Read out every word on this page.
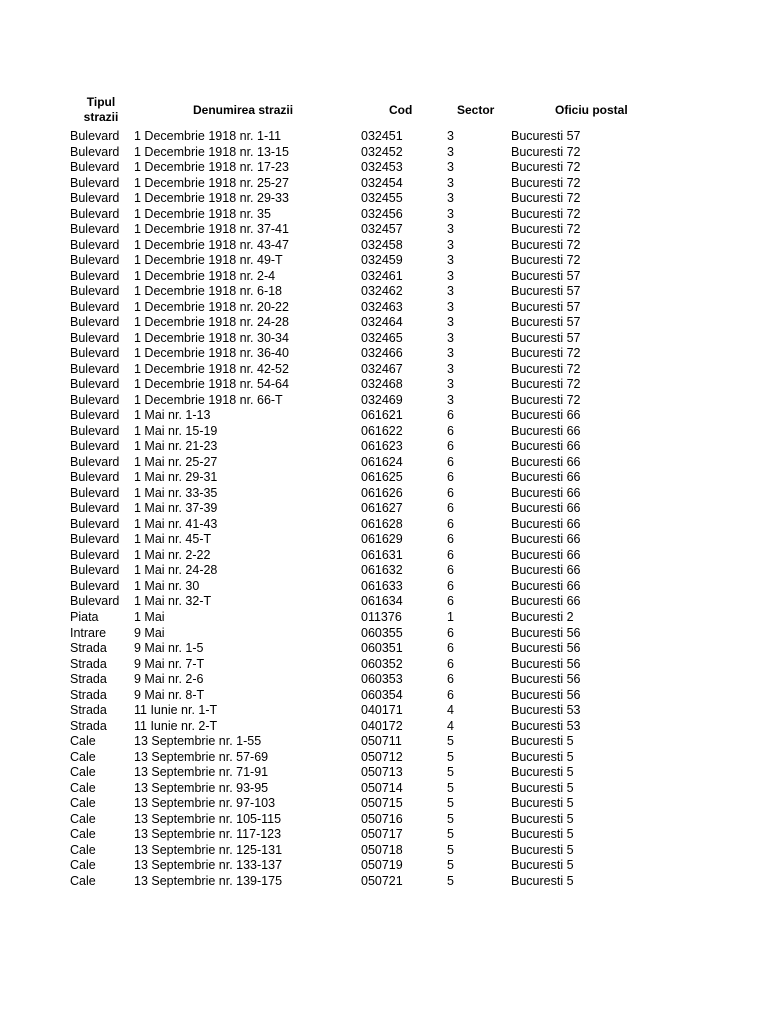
Tipul
strazii	Denumirea strazii	Cod	Sector	Oficiu postal
Bulevard 1 Decembrie 1918 nr. 1-11	032451	3	Bucuresti 57
Bulevard 1 Decembrie 1918 nr. 13-15	032452	3	Bucuresti 72
Bulevard 1 Decembrie 1918 nr. 17-23	032453	3	Bucuresti 72
Bulevard 1 Decembrie 1918 nr. 25-27	032454	3	Bucuresti 72
Bulevard 1 Decembrie 1918 nr. 29-33	032455	3	Bucuresti 72
Bulevard 1 Decembrie 1918 nr. 35	032456	3	Bucuresti 72
Bulevard 1 Decembrie 1918 nr. 37-41	032457	3	Bucuresti 72
Bulevard 1 Decembrie 1918 nr. 43-47	032458	3	Bucuresti 72
Bulevard 1 Decembrie 1918 nr. 49-T	032459	3	Bucuresti 72
Bulevard 1 Decembrie 1918 nr. 2-4	032461	3	Bucuresti 57
Bulevard 1 Decembrie 1918 nr. 6-18	032462	3	Bucuresti 57
Bulevard 1 Decembrie 1918 nr. 20-22	032463	3	Bucuresti 57
Bulevard 1 Decembrie 1918 nr. 24-28	032464	3	Bucuresti 57
Bulevard 1 Decembrie 1918 nr. 30-34	032465	3	Bucuresti 57
Bulevard 1 Decembrie 1918 nr. 36-40	032466	3	Bucuresti 72
Bulevard 1 Decembrie 1918 nr. 42-52	032467	3	Bucuresti 72
Bulevard 1 Decembrie 1918 nr. 54-64	032468	3	Bucuresti 72
Bulevard 1 Decembrie 1918 nr. 66-T	032469	3	Bucuresti 72
Bulevard 1 Mai nr. 1-13	061621	6	Bucuresti 66
Bulevard 1 Mai nr. 15-19	061622	6	Bucuresti 66
Bulevard 1 Mai nr. 21-23	061623	6	Bucuresti 66
Bulevard 1 Mai nr. 25-27	061624	6	Bucuresti 66
Bulevard 1 Mai nr. 29-31	061625	6	Bucuresti 66
Bulevard 1 Mai nr. 33-35	061626	6	Bucuresti 66
Bulevard 1 Mai nr. 37-39	061627	6	Bucuresti 66
Bulevard 1 Mai nr. 41-43	061628	6	Bucuresti 66
Bulevard 1 Mai nr. 45-T	061629	6	Bucuresti 66
Bulevard 1 Mai nr. 2-22	061631	6	Bucuresti 66
Bulevard 1 Mai nr. 24-28	061632	6	Bucuresti 66
Bulevard 1 Mai nr. 30	061633	6	Bucuresti 66
Bulevard 1 Mai nr. 32-T	061634	6	Bucuresti 66
Piata	1 Mai	011376	1	Bucuresti 2
Intrare 9 Mai	060355	6	Bucuresti 56
Strada 9 Mai nr. 1-5	060351	6	Bucuresti 56
Strada 9 Mai nr. 7-T	060352	6	Bucuresti 56
Strada 9 Mai nr. 2-6	060353	6	Bucuresti 56
Strada 9 Mai nr. 8-T	060354	6	Bucuresti 56
Strada 11 Iunie nr. 1-T	040171	4	Bucuresti 53
Strada 11 Iunie nr. 2-T	040172	4	Bucuresti 53
Cale	13 Septembrie nr. 1-55	050711	5	Bucuresti 5
Cale	13 Septembrie nr. 57-69	050712	5	Bucuresti 5
Cale	13 Septembrie nr. 71-91	050713	5	Bucuresti 5
Cale	13 Septembrie nr. 93-95	050714	5	Bucuresti 5
Cale	13 Septembrie nr. 97-103	050715	5	Bucuresti 5
Cale	13 Septembrie nr. 105-115	050716	5	Bucuresti 5
Cale	13 Septembrie nr. 117-123	050717	5	Bucuresti 5
Cale	13 Septembrie nr. 125-131	050718	5	Bucuresti 5
Cale	13 Septembrie nr. 133-137	050719	5	Bucuresti 5
Cale	13 Septembrie nr. 139-175	050721	5	Bucuresti 5
